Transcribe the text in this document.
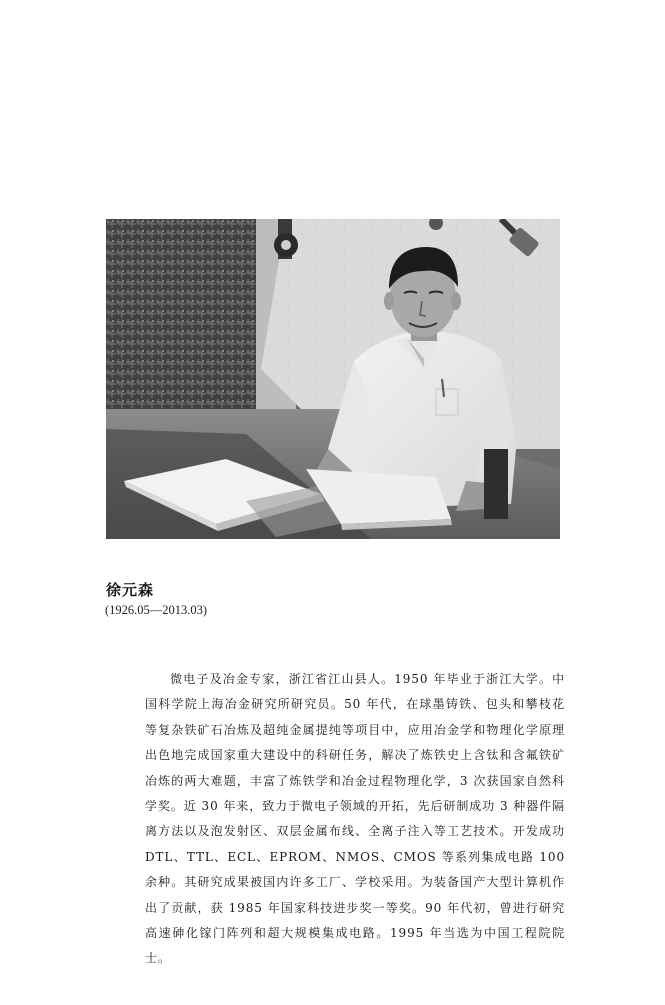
徐元森
(1926.05—2013.03)

微电子及冶金专家，浙江省江山县人。1950 年毕业于浙江大学。中国科学院上海冶金研究所研究员。50 年代，在球墨铸铁、包头和攀枝花等复杂铁矿石冶炼及超纯金属提纯等项目中，应用冶金学和物理化学原理出色地完成国家重大建设中的科研任务，解决了炼铁史上含钛和含氟铁矿冶炼的两大难题，丰富了炼铁学和冶金过程物理化学，3 次获国家自然科学奖。近 30 年来，致力于微电子领域的开拓，先后研制成功 3 种器件隔离方法以及泡发射区、双层金属布线、全离子注入等工艺技术。开发成功 DTL、TTL、ECL、EPROM、NMOS、CMOS 等系列集成电路 100 余种。其研究成果被国内许多工厂、学校采用。为装备国产大型计算机作出了贡献，获 1985 年国家科技进步奖一等奖。90 年代初，曾进行研究高速砷化镓门阵列和超大规模集成电路。1995 年当选为中国工程院院士。
